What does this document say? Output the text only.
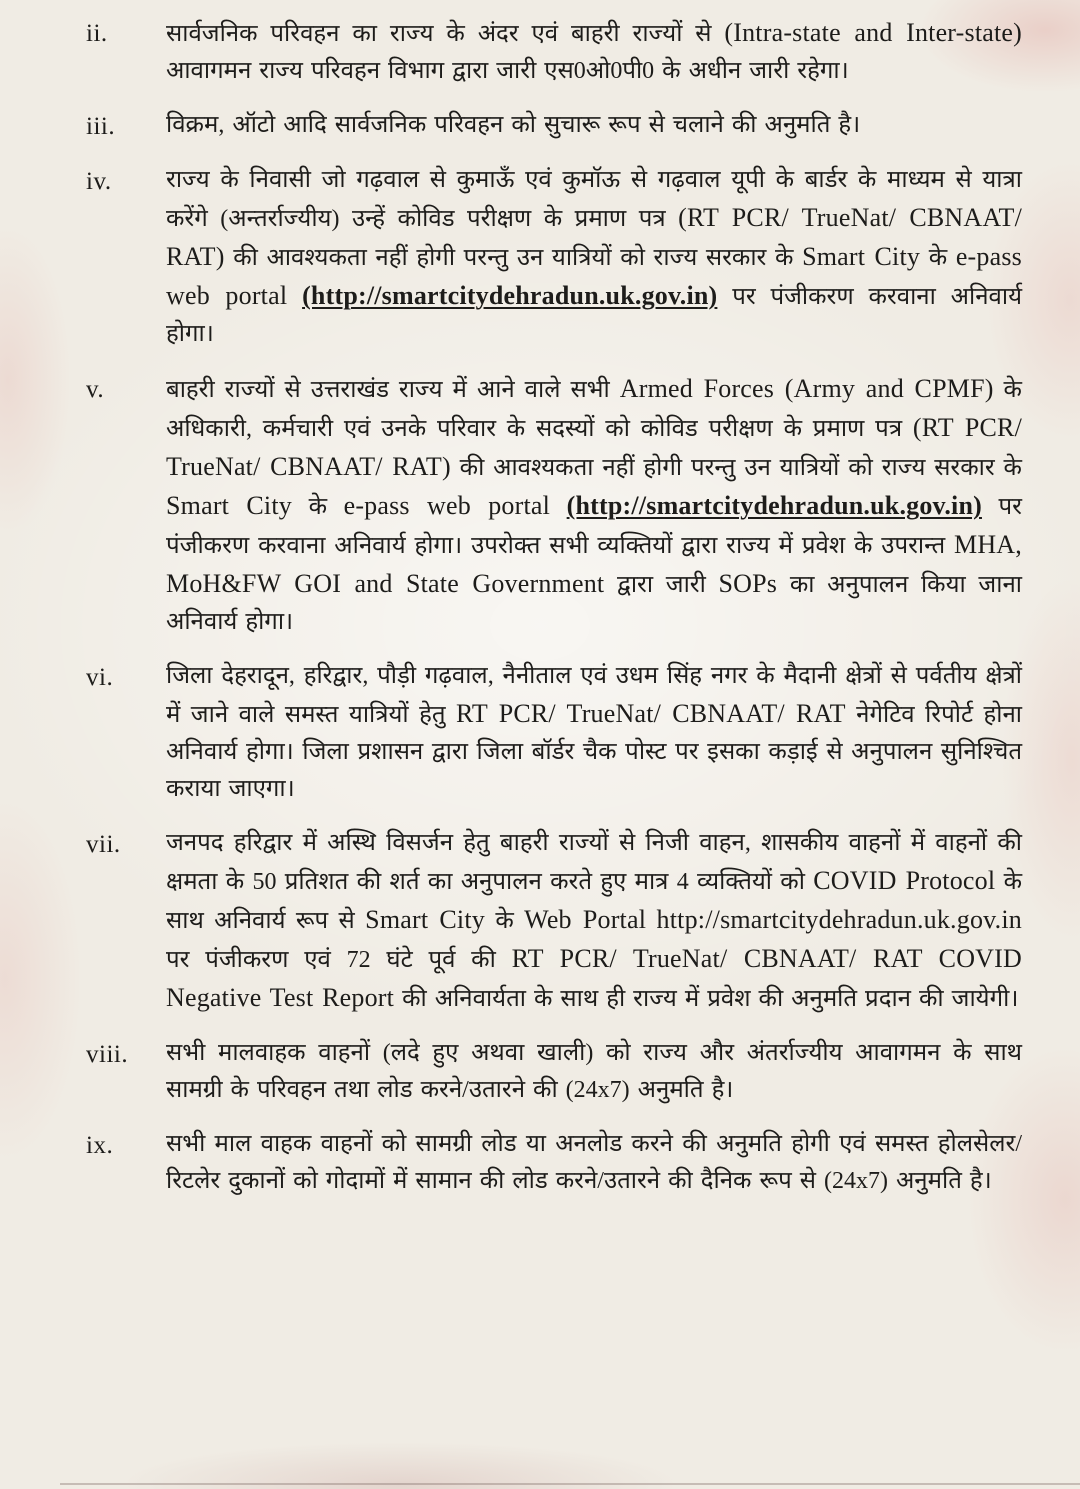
ii.	सार्वजनिक परिवहन का राज्य के अंदर एवं बाहरी राज्यों से (Intra-state and Inter-state) आवागमन राज्य परिवहन विभाग द्वारा जारी एस0ओ0पी0 के अधीन जारी रहेगा।
iii.	विक्रम, ऑटो आदि सार्वजनिक परिवहन को सुचारू रूप से चलाने की अनुमति है।
iv.	राज्य के निवासी जो गढ़वाल से कुमाऊँ एवं कुमॉऊ से गढ़वाल यूपी के बार्डर के माध्यम से यात्रा करेंगे (अन्तर्राज्यीय) उन्हें कोविड परीक्षण के प्रमाण पत्र (RT PCR/ TrueNat/ CBNAAT/ RAT) की आवश्यकता नहीं होगी परन्तु उन यात्रियों को राज्य सरकार के Smart City के e-pass web portal (http://smartcitydehradun.uk.gov.in) पर पंजीकरण करवाना अनिवार्य होगा।
v.	बाहरी राज्यों से उत्तराखंड राज्य में आने वाले सभी Armed Forces (Army and CPMF) के अधिकारी, कर्मचारी एवं उनके परिवार के सदस्यों को कोविड परीक्षण के प्रमाण पत्र (RT PCR/ TrueNat/ CBNAAT/ RAT) की आवश्यकता नहीं होगी परन्तु उन यात्रियों को राज्य सरकार के Smart City के e-pass web portal (http://smartcitydehradun.uk.gov.in) पर पंजीकरण करवाना अनिवार्य होगा। उपरोक्त सभी व्यक्तियों द्वारा राज्य में प्रवेश के उपरान्त MHA, MoH&FW GOI and State Government द्वारा जारी SOPs का अनुपालन किया जाना अनिवार्य होगा।
vi.	जिला देहरादून, हरिद्वार, पौड़ी गढ़वाल, नैनीताल एवं उधम सिंह नगर के मैदानी क्षेत्रों से पर्वतीय क्षेत्रों में जाने वाले समस्त यात्रियों हेतु RT PCR/ TrueNat/ CBNAAT/ RAT नेगेटिव रिपोर्ट होना अनिवार्य होगा। जिला प्रशासन द्वारा जिला बॉर्डर चैक पोस्ट पर इसका कड़ाई से अनुपालन सुनिश्चित कराया जाएगा।
vii.	जनपद हरिद्वार में अस्थि विसर्जन हेतु बाहरी राज्यों से निजी वाहन, शासकीय वाहनों में वाहनों की क्षमता के 50 प्रतिशत की शर्त का अनुपालन करते हुए मात्र 4 व्यक्तियों को COVID Protocol के साथ अनिवार्य रूप से Smart City के Web Portal http://smartcitydehradun.uk.gov.in पर पंजीकरण एवं 72 घंटे पूर्व की RT PCR/ TrueNat/ CBNAAT/ RAT COVID Negative Test Report की अनिवार्यता के साथ ही राज्य में प्रवेश की अनुमति प्रदान की जायेगी।
viii.	सभी मालवाहक वाहनों (लदे हुए अथवा खाली) को राज्य और अंतर्राज्यीय आवागमन के साथ सामग्री के परिवहन तथा लोड करने/उतारने की (24x7) अनुमति है।
ix.	सभी माल वाहक वाहनों को सामग्री लोड या अनलोड करने की अनुमति होगी एवं समस्त होलसेलर/रिटलेर दुकानों को गोदामों में सामान की लोड करने/उतारने की दैनिक रूप से (24x7) अनुमति है।
